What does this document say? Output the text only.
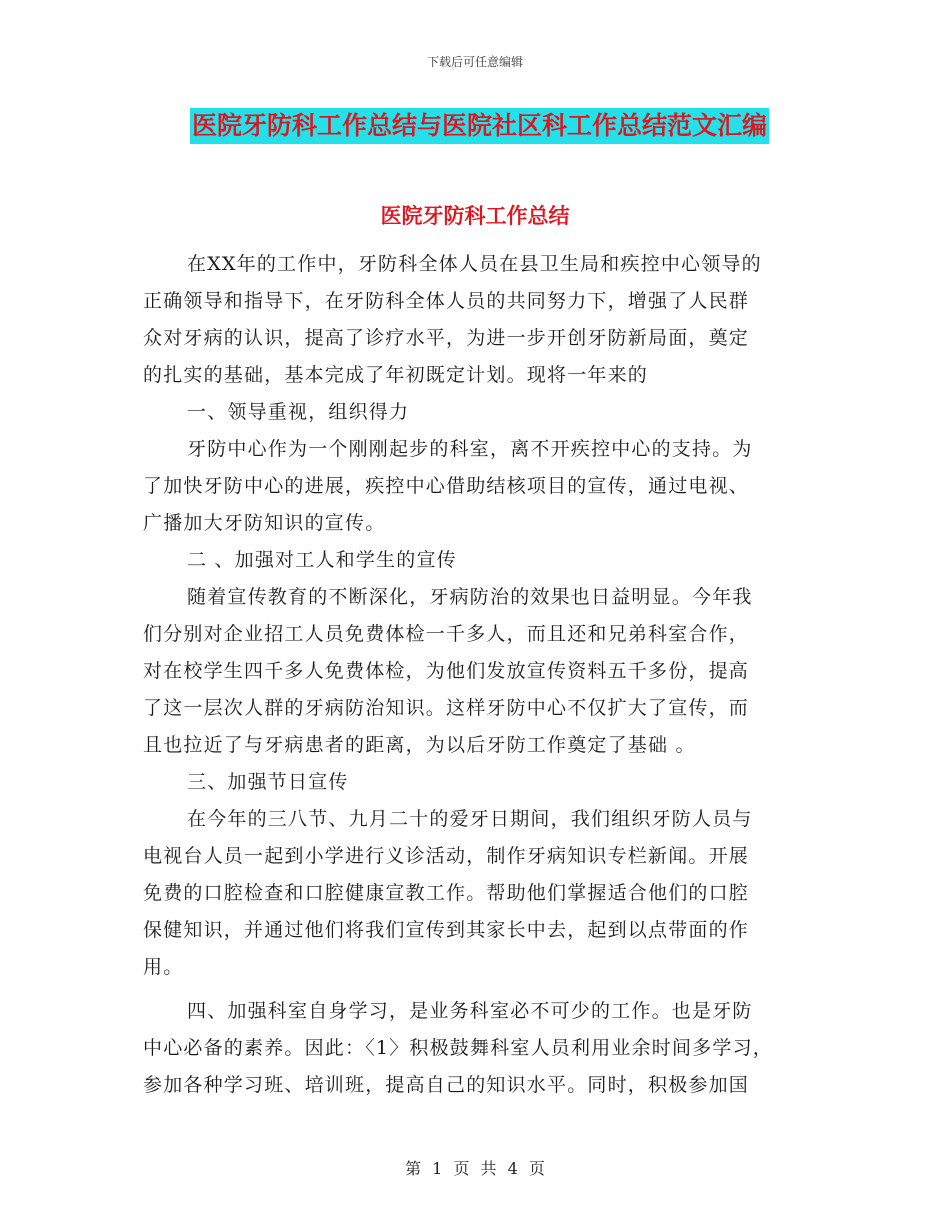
下载后可任意编辑
医院牙防科工作总结与医院社区科工作总结范文汇编
医院牙防科工作总结
在XX年的工作中，牙防科全体人员在县卫生局和疾控中心领导的
正确领导和指导下，在牙防科全体人员的共同努力下，增强了人民群
众对牙病的认识，提高了诊疗水平，为进一步开创牙防新局面，奠定
的扎实的基础，基本完成了年初既定计划。现将一年来的
一、领导重视，组织得力
牙防中心作为一个刚刚起步的科室，离不开疾控中心的支持。为
了加快牙防中心的进展，疾控中心借助结核项目的宣传，通过电视、
广播加大牙防知识的宣传。
二 、加强对工人和学生的宣传
随着宣传教育的不断深化，牙病防治的效果也日益明显。今年我
们分别对企业招工人员免费体检一千多人，而且还和兄弟科室合作，
对在校学生四千多人免费体检，为他们发放宣传资料五千多份，提高
了这一层次人群的牙病防治知识。这样牙防中心不仅扩大了宣传，而
且也拉近了与牙病患者的距离，为以后牙防工作奠定了基础 。
三、加强节日宣传
在今年的三八节、九月二十的爱牙日期间，我们组织牙防人员与
电视台人员一起到小学进行义诊活动，制作牙病知识专栏新闻。开展
免费的口腔检查和口腔健康宣教工作。帮助他们掌握适合他们的口腔
保健知识，并通过他们将我们宣传到其家长中去，起到以点带面的作
用。
四、加强科室自身学习，是业务科室必不可少的工作。也是牙防
中心必备的素养。因此：〈1〉积极鼓舞科室人员利用业余时间多学习，
参加各种学习班、培训班，提高自己的知识水平。同时，积极参加国
第 1 页 共 4 页
